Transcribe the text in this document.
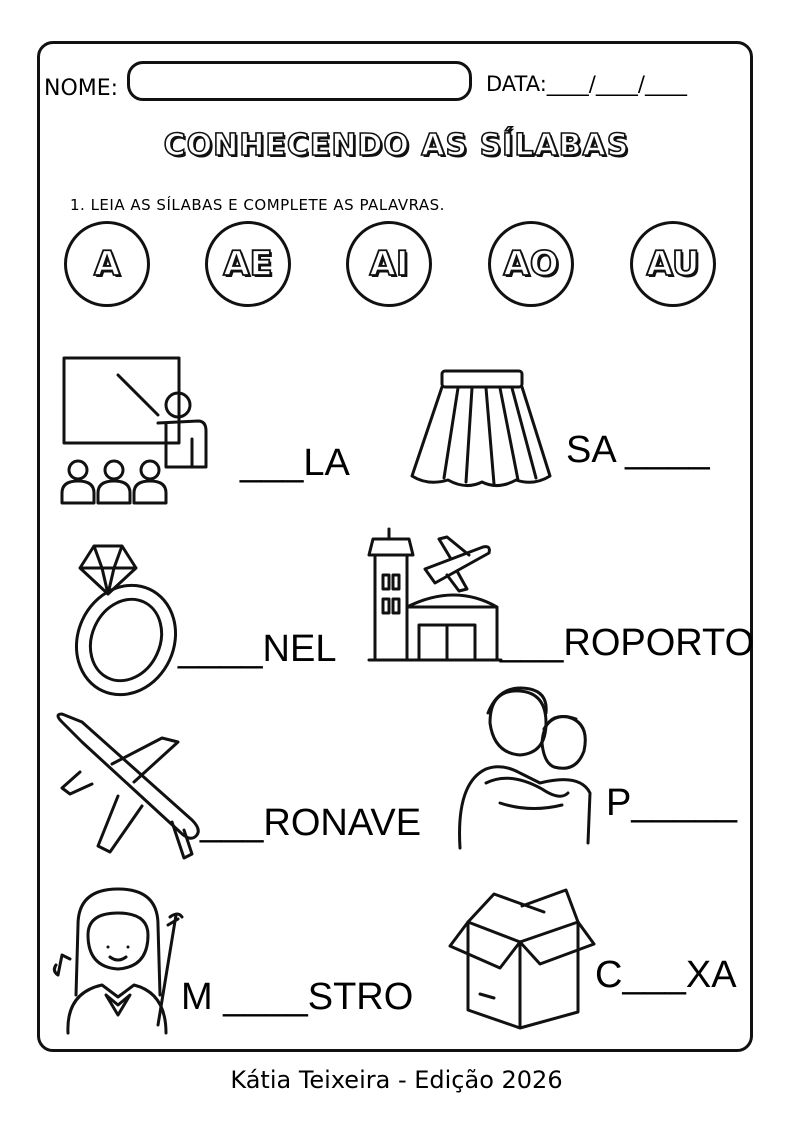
NOME:	DATA:____/____/____
CONHECENDO AS SÍLABAS
1. LEIA AS SÍLABAS E COMPLETE AS PALAVRAS.
A	AE	AI	AO	AU
___LA	SA ____
____NEL	___ROPORTO
___RONAVE	P_____
M ____STRO
C___XA
Kátia Teixeira - Edição 2026
